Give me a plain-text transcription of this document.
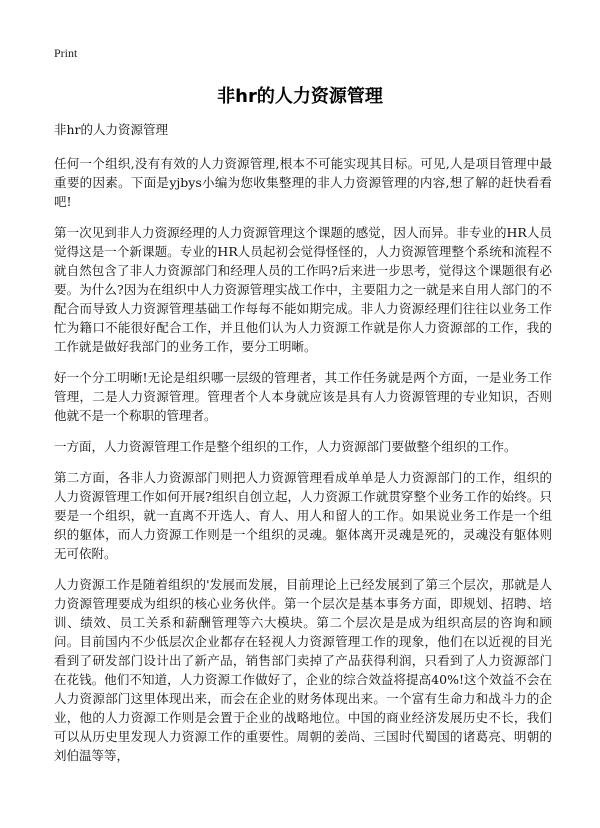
Print
非hr的人力资源管理

非hr的人力资源管理

任何一个组织,没有有效的人力资源管理,根本不可能实现其目标。可见,人是项目管理中最重要的因素。下面是yjbys小编为您收集整理的非人力资源管理的内容,想了解的赶快看看吧!

第一次见到非人力资源经理的人力资源管理这个课题的感觉，因人而异。非专业的HR人员觉得这是一个新课题。专业的HR人员起初会觉得怪怪的，人力资源管理整个系统和流程不就自然包含了非人力资源部门和经理人员的工作吗?后来进一步思考，觉得这个课题很有必要。为什么?因为在组织中人力资源管理实战工作中，主要阻力之一就是来自用人部门的不配合而导致人力资源管理基础工作每每不能如期完成。非人力资源经理们往往以业务工作忙为籍口不能很好配合工作，并且他们认为人力资源工作就是你人力资源部的工作，我的工作就是做好我部门的业务工作，要分工明晰。

好一个分工明晰!无论是组织哪一层级的管理者，其工作任务就是两个方面，一是业务工作管理，二是人力资源管理。管理者个人本身就应该是具有人力资源管理的专业知识，否则他就不是一个称职的管理者。

一方面，人力资源管理工作是整个组织的工作，人力资源部门要做整个组织的工作。

第二方面，各非人力资源部门则把人力资源管理看成单单是人力资源部门的工作，组织的人力资源管理工作如何开展?组织自创立起，人力资源工作就贯穿整个业务工作的始终。只要是一个组织，就一直离不开选人、育人、用人和留人的工作。如果说业务工作是一个组织的躯体，而人力资源工作则是一个组织的灵魂。躯体离开灵魂是死的，灵魂没有躯体则无可依附。

人力资源工作是随着组织的'发展而发展，目前理论上已经发展到了第三个层次，那就是人力资源管理要成为组织的核心业务伙伴。第一个层次是基本事务方面，即规划、招聘、培训、绩效、员工关系和薪酬管理等六大模块。第二个层次是是成为组织高层的咨询和顾问。目前国内不少低层次企业都存在轻视人力资源管理工作的现象，他们在以近视的目光看到了研发部门设计出了新产品，销售部门卖掉了产品获得利润，只看到了人力资源部门在花钱。他们不知道，人力资源工作做好了，企业的综合效益将提高40%!这个效益不会在人力资源部门这里体现出来，而会在企业的财务体现出来。一个富有生命力和战斗力的企业，他的人力资源工作则是会置于企业的战略地位。中国的商业经济发展历史不长，我们可以从历史里发现人力资源工作的重要性。周朝的姜尚、三国时代蜀国的诸葛亮、明朝的刘伯温等等，
